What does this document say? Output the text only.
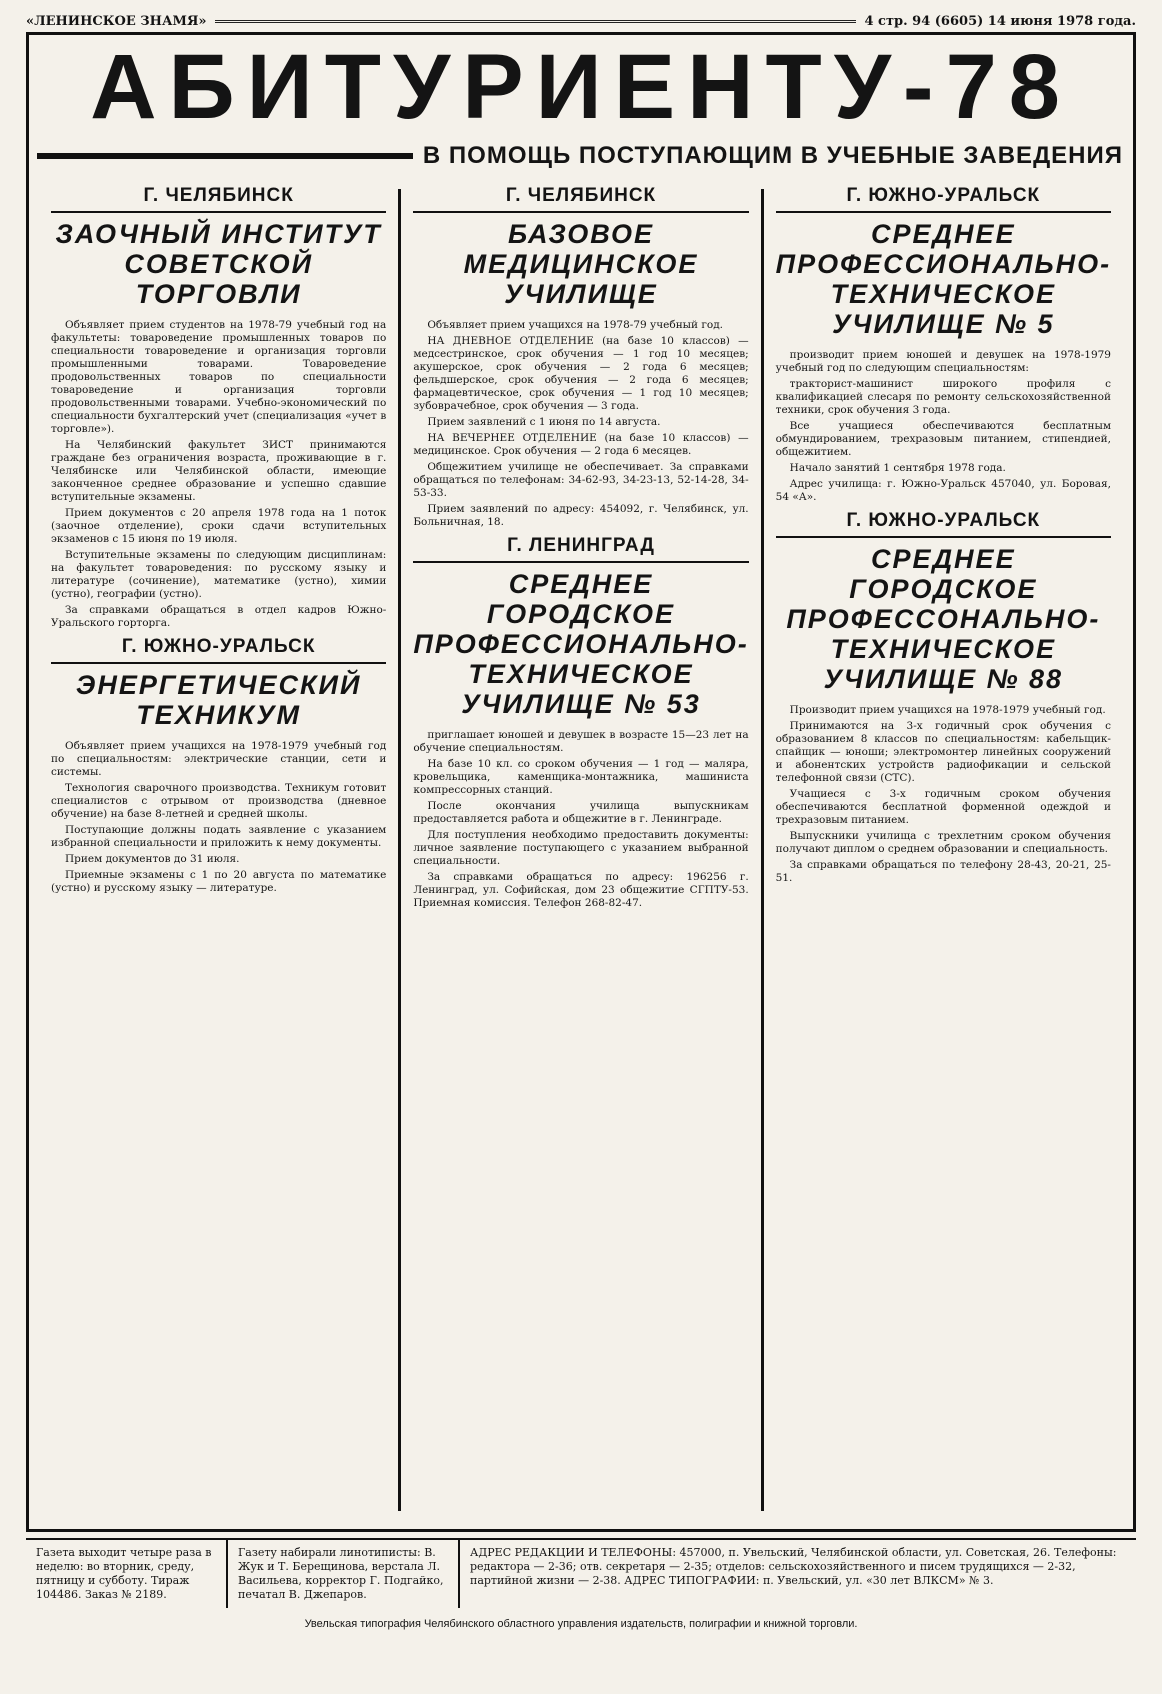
«ЛЕНИНСКОЕ ЗНАМЯ»	4 стр. 94 (6605) 14 июня 1978 года.
АБИТУРИЕНТУ-78
В ПОМОЩЬ ПОСТУПАЮЩИМ В УЧЕБНЫЕ ЗАВЕДЕНИЯ
Г. ЧЕЛЯБИНСК
ЗАОЧНЫЙ ИНСТИТУТ СОВЕТСКОЙ ТОРГОВЛИ

Объявляет прием студентов на 1978-79 учебный год на факультеты: товароведение промышленных товаров по специальности товароведение и организация торговли промышленными товарами. Товароведение продовольственных товаров по специальности товароведение и организация торговли продовольственными товарами. Учебно-экономический по специальности бухгалтерский учет (специализация «учет в торговле»).

На Челябинский факультет ЗИСТ принимаются граждане без ограничения возраста, проживающие в г. Челябинске или Челябинской области, имеющие законченное среднее образование и успешно сдавшие вступительные экзамены.

Прием документов с 20 апреля 1978 года на 1 поток (заочное отделение), сроки сдачи вступительных экзаменов с 15 июня по 19 июля.

Вступительные экзамены по следующим дисциплинам: на факультет товароведения: по русскому языку и литературе (сочинение), математике (устно), химии (устно), географии (устно).

За справками обращаться в отдел кадров Южно-Уральского горторга.

Г. ЮЖНО-УРАЛЬСК
ЭНЕРГЕТИЧЕСКИЙ ТЕХНИКУМ

Объявляет прием учащихся на 1978-1979 учебный год по специальностям: электрические станции, сети и системы.

Технология сварочного производства. Техникум готовит специалистов с отрывом от производства (дневное обучение) на базе 8-летней и средней школы.

Поступающие должны подать заявление с указанием избранной специальности и приложить к нему документы.

Прием документов до 31 июля.

Приемные экзамены с 1 по 20 августа по математике (устно) и русскому языку — литературе.

Г. ЧЕЛЯБИНСК
БАЗОВОЕ МЕДИЦИНСКОЕ УЧИЛИЩЕ

Объявляет прием учащихся на 1978-79 учебный год.

НА ДНЕВНОЕ ОТДЕЛЕНИЕ (на базе 10 классов) — медсестринское, срок обучения — 1 год 10 месяцев; акушерское, срок обучения — 2 года 6 месяцев; фельдшерское, срок обучения — 2 года 6 месяцев; фармацевтическое, срок обучения — 1 год 10 месяцев; зубоврачебное, срок обучения — 3 года.

Прием заявлений с 1 июня по 14 августа.

НА ВЕЧЕРНЕЕ ОТДЕЛЕНИЕ (на базе 10 классов) — медицинское. Срок обучения — 2 года 6 месяцев.

Общежитием училище не обеспечивает. За справками обращаться по телефонам: 34-62-93, 34-23-13, 52-14-28, 34-53-33.

Прием заявлений по адресу: 454092, г. Челябинск, ул. Больничная, 18.

Г. ЛЕНИНГРАД
СРЕДНЕЕ ГОРОДСКОЕ ПРОФЕССИОНАЛЬНО-ТЕХНИЧЕСКОЕ УЧИЛИЩЕ № 53

приглашает юношей и девушек в возрасте 15—23 лет на обучение специальностям.

На базе 10 кл. со сроком обучения — 1 год — маляра, кровельщика, каменщика-монтажника, машиниста компрессорных станций.

После окончания училища выпускникам предоставляется работа и общежитие в г. Ленинграде.

Для поступления необходимо предоставить документы: личное заявление поступающего с указанием выбранной специальности.

За справками обращаться по адресу: 196256 г. Ленинград, ул. Софийская, дом 23 общежитие СГПТУ-53. Приемная комиссия. Телефон 268-82-47.

Г. ЮЖНО-УРАЛЬСК
СРЕДНЕЕ ПРОФЕССИОНАЛЬНО-ТЕХНИЧЕСКОЕ УЧИЛИЩЕ № 5

производит прием юношей и девушек на 1978-1979 учебный год по следующим специальностям:

тракторист-машинист широкого профиля с квалификацией слесаря по ремонту сельскохозяйственной техники, срок обучения 3 года.

Все учащиеся обеспечиваются бесплатным обмундированием, трехразовым питанием, стипендией, общежитием.

Начало занятий 1 сентября 1978 года.

Адрес училища: г. Южно-Уральск 457040, ул. Боровая, 54 «А».

Г. ЮЖНО-УРАЛЬСК
СРЕДНЕЕ ГОРОДСКОЕ ПРОФЕССОНАЛЬНО-ТЕХНИЧЕСКОЕ УЧИЛИЩЕ № 88

Производит прием учащихся на 1978-1979 учебный год.

Принимаются на 3-х годичный срок обучения с образованием 8 классов по специальностям: кабельщик-спайщик — юноши; электромонтер линейных сооружений и абонентских устройств радиофикации и сельской телефонной связи (СТС).

Учащиеся с 3-х годичным сроком обучения обеспечиваются бесплатной форменной одеждой и трехразовым питанием.

Выпускники училища с трехлетним сроком обучения получают диплом о среднем образовании и специальность.

За справками обращаться по телефону 28-43, 20-21, 25-51.

Газета выходит четыре раза в неделю: во вторник, среду, пятницу и субботу. Тираж 104486. Заказ № 2189.
Газету набирали линотиписты: В. Жук и Т. Берещинова, верстала Л. Васильева, корректор Г. Подгайко, печатал В. Джепаров.
АДРЕС РЕДАКЦИИ И ТЕЛЕФОНЫ: 457000, п. Увельский, Челябинской области, ул. Советская, 26. Телефоны: редактора — 2-36; отв. секретаря — 2-35; отделов: сельскохозяйственного и писем трудящихся — 2-32, партийной жизни — 2-38. АДРЕС ТИПОГРАФИИ: п. Увельский, ул. «30 лет ВЛКСМ» № 3.
Увельская типография Челябинского областного управления издательств, полиграфии и книжной торговли.
